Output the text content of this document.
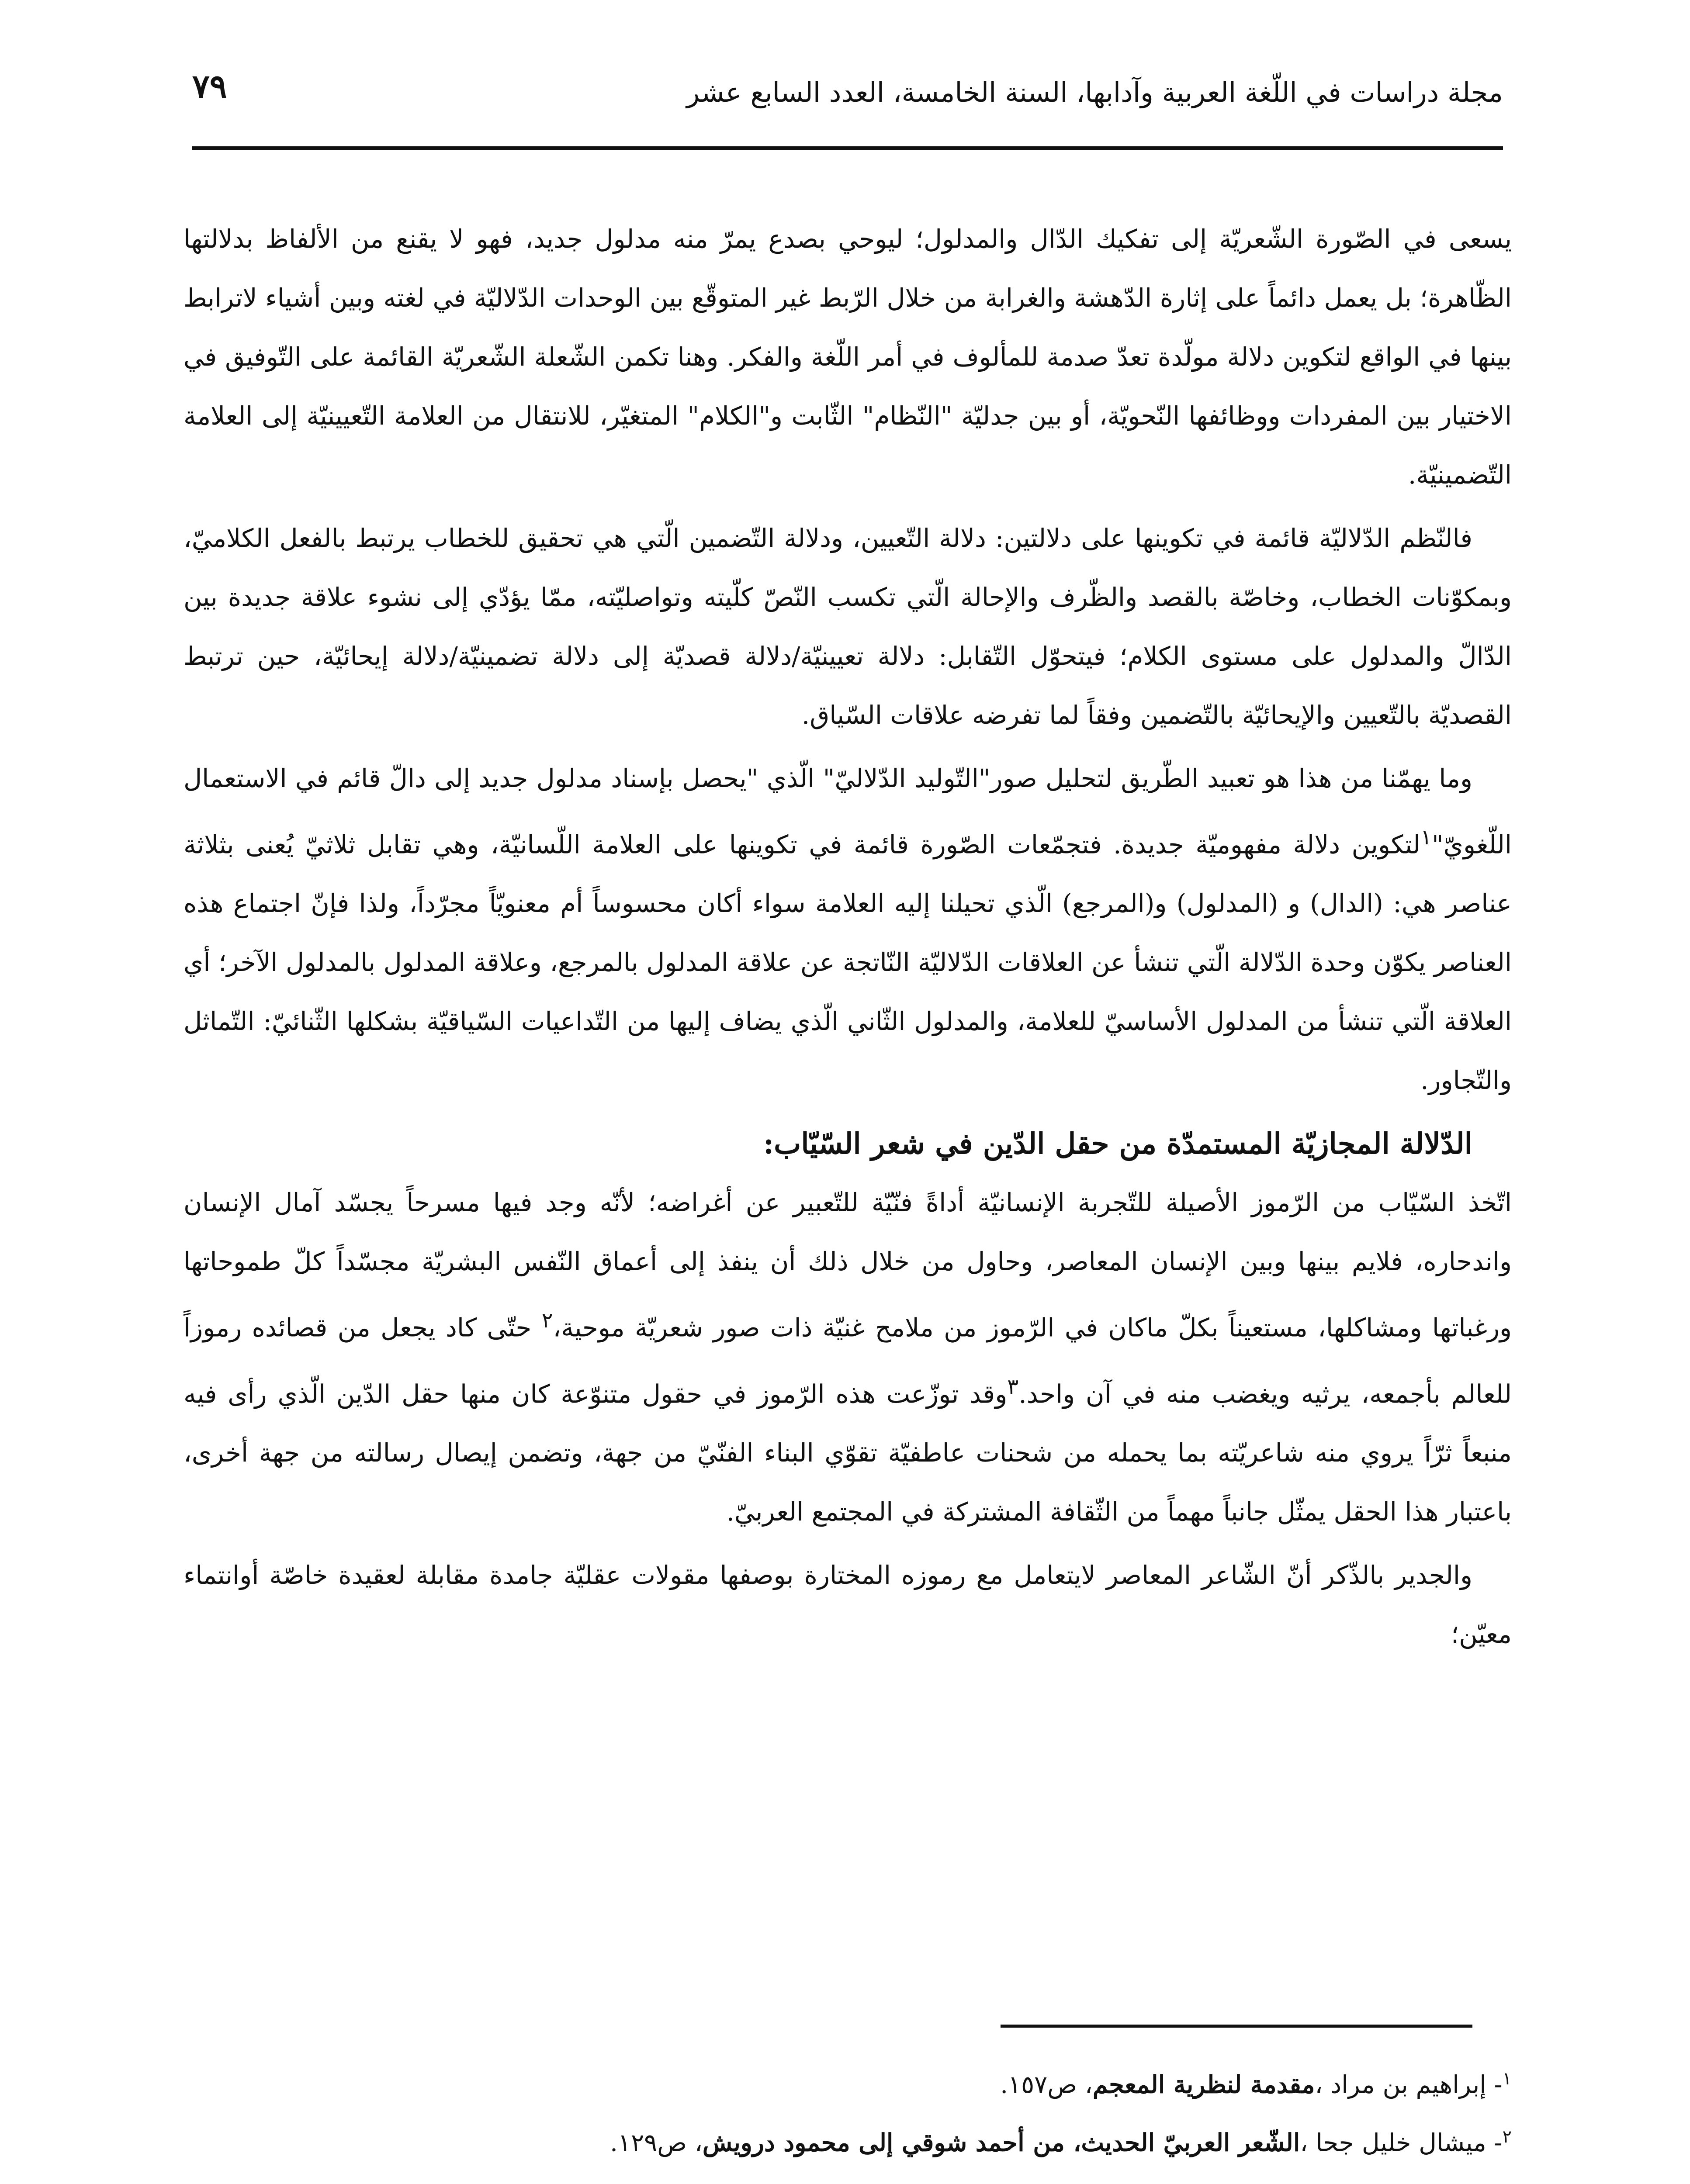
٧٩	مجلة دراسات في اللّغة العربية وآدابها، السنة الخامسة، العدد السابع عشر

يسعى في الصّورة الشّعريّة إلى تفكيك الدّال والمدلول؛ ليوحي بصدع يمرّ منه مدلول جديد، فهو لا يقنع من الألفاظ بدلالتها الظّاهرة؛ بل يعمل دائماً على إثارة الدّهشة والغرابة من خلال الرّبط غير المتوقّع بين الوحدات الدّلاليّة في لغته وبين أشياء لاترابط بينها في الواقع لتكوين دلالة مولّدة تعدّ صدمة للمألوف في أمر اللّغة والفكر. وهنا تكمن الشّعلة الشّعريّة القائمة على التّوفيق في الاختيار بين المفردات ووظائفها النّحويّة، أو بين جدليّة "النّظام" الثّابت و"الكلام" المتغيّر، للانتقال من العلامة التّعيينيّة إلى العلامة التّضمينيّة.

فالنّظم الدّلاليّة قائمة في تكوينها على دلالتين: دلالة التّعيين، ودلالة التّضمين الّتي هي تحقيق للخطاب يرتبط بالفعل الكلاميّ، وبمكوّنات الخطاب، وخاصّة بالقصد والظّرف والإحالة الّتي تكسب النّصّ كلّيته وتواصليّته، ممّا يؤدّي إلى نشوء علاقة جديدة بين الدّالّ والمدلول على مستوى الكلام؛ فيتحوّل التّقابل: دلالة تعيينيّة/دلالة قصديّة إلى دلالة تضمينيّة/دلالة إيحائيّة، حين ترتبط القصديّة بالتّعيين والإيحائيّة بالتّضمين وفقاً لما تفرضه علاقات السّياق.

وما يهمّنا من هذا هو تعبيد الطّريق لتحليل صور"التّوليد الدّلاليّ" الّذي "يحصل بإسناد مدلول جديد إلى دالّ قائم في الاستعمال اللّغويّ"$^١$لتكوين دلالة مفهوميّة جديدة. فتجمّعات الصّورة قائمة في تكوينها على العلامة اللّسانيّة، وهي تقابل ثلاثيّ يُعنى بثلاثة عناصر هي: (الدال) و (المدلول) و(المرجع) الّذي تحيلنا إليه العلامة سواء أكان محسوساً أم معنويّاً مجرّداً، ولذا فإنّ اجتماع هذه العناصر يكوّن وحدة الدّلالة الّتي تنشأ عن العلاقات الدّلاليّة النّاتجة عن علاقة المدلول بالمرجع، وعلاقة المدلول بالمدلول الآخر؛ أي العلاقة الّتي تنشأ من المدلول الأساسيّ للعلامة، والمدلول الثّاني الّذي يضاف إليها من التّداعيات السّياقيّة بشكلها الثّنائيّ: التّماثل والتّجاور.

الدّلالة المجازيّة المستمدّة من حقل الدّين في شعر السّيّاب:

اتّخذ السّيّاب من الرّموز الأصيلة للتّجربة الإنسانيّة أداةً فنّيّة للتّعبير عن أغراضه؛ لأنّه وجد فيها مسرحاً يجسّد آمال الإنسان واندحاره، فلايم بينها وبين الإنسان المعاصر، وحاول من خلال ذلك أن ينفذ إلى أعماق النّفس البشريّة مجسّداً كلّ طموحاتها ورغباتها ومشاكلها، مستعيناً بكلّ ماكان في الرّموز من ملامح غنيّة ذات صور شعريّة موحية،$^٢$ حتّى كاد يجعل من قصائده رموزاً للعالم بأجمعه، يرثيه ويغضب منه في آن واحد.$^٣$وقد توزّعت هذه الرّموز في حقول متنوّعة كان منها حقل الدّين الّذي رأى فيه منبعاً ثرّاً يروي منه شاعريّته بما يحمله من شحنات عاطفيّة تقوّي البناء الفنّيّ من جهة، وتضمن إيصال رسالته من جهة أخرى، باعتبار هذا الحقل يمثّل جانباً مهماً من الثّقافة المشتركة في المجتمع العربيّ.

والجدير بالذّكر أنّ الشّاعر المعاصر لايتعامل مع رموزه المختارة بوصفها مقولات عقليّة جامدة مقابلة لعقيدة خاصّة أوانتماء معيّن؛

$^١$- إبراهيم بن مراد ،مقدمة لنظرية المعجم، ص١٥٧.
$^٢$- ميشال خليل جحا ،الشّعر العربيّ الحديث، من أحمد شوقي إلى محمود درويش، ص١٢٩.
